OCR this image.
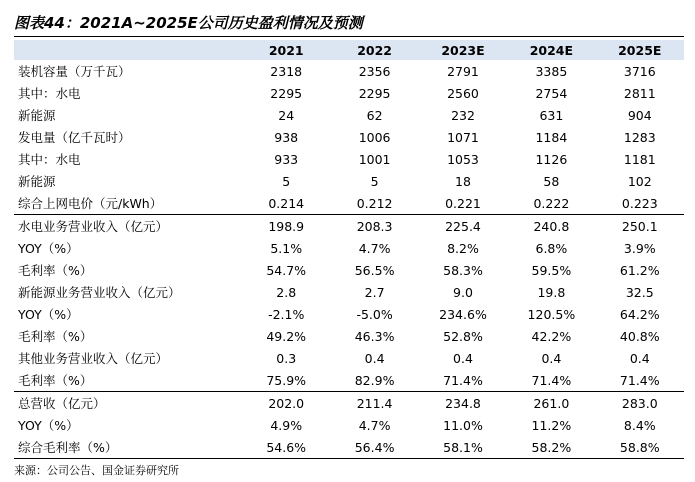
图表44：2021A~2025E公司历史盈利情况及预测
	2021	2022	2023E	2024E	2025E
装机容量（万千瓦）	2318	2356	2791	3385	3716
其中：水电	2295	2295	2560	2754	2811
新能源	24	62	232	631	904
发电量（亿千瓦时）	938	1006	1071	1184	1283
其中：水电	933	1001	1053	1126	1181
新能源	5	5	18	58	102
综合上网电价（元/kWh）	0.214	0.212	0.221	0.222	0.223
水电业务营业收入（亿元）	198.9	208.3	225.4	240.8	250.1
YOY（%）	5.1%	4.7%	8.2%	6.8%	3.9%
毛利率（%）	54.7%	56.5%	58.3%	59.5%	61.2%
新能源业务营业收入（亿元）	2.8	2.7	9.0	19.8	32.5
YOY（%）	-2.1%	-5.0%	234.6%	120.5%	64.2%
毛利率（%）	49.2%	46.3%	52.8%	42.2%	40.8%
其他业务营业收入（亿元）	0.3	0.4	0.4	0.4	0.4
毛利率（%）	75.9%	82.9%	71.4%	71.4%	71.4%
总营收（亿元）	202.0	211.4	234.8	261.0	283.0
YOY（%）	4.9%	4.7%	11.0%	11.2%	8.4%
综合毛利率（%）	54.6%	56.4%	58.1%	58.2%	58.8%
来源：公司公告、国金证券研究所
